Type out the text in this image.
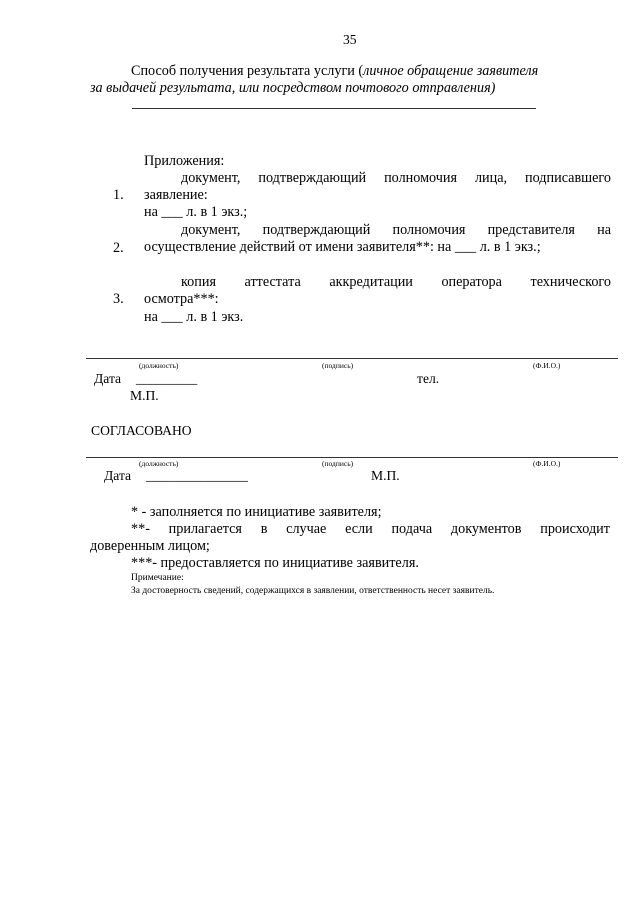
35
Способ получения результата услуги (личное обращение заявителя
за выдачей результата, или посредством почтового отправления)
Приложения:
1.
документ, подтверждающий полномочия лица, подписавшего
заявление:
на ___ л. в 1 экз.;
2.
документ, подтверждающий полномочия представителя на
осуществление действий от имени заявителя**: на ___ л. в 1 экз.;
3.
копия аттестата аккредитации оператора технического
осмотра***:
на ___ л. в 1 экз.
(должность)	(подпись)	(Ф.И.О.)
Дата _________	тел.
М.П.
СОГЛАСОВАНО
(должность)	(подпись)	(Ф.И.О.)
Дата _______________	М.П.
* - заполняется по инициативе заявителя;
**- прилагается в случае если подача документов происходит
доверенным лицом;
***- предоставляется по инициативе заявителя.
Примечание:
За достоверность сведений, содержащихся в заявлении, ответственность несет заявитель.
